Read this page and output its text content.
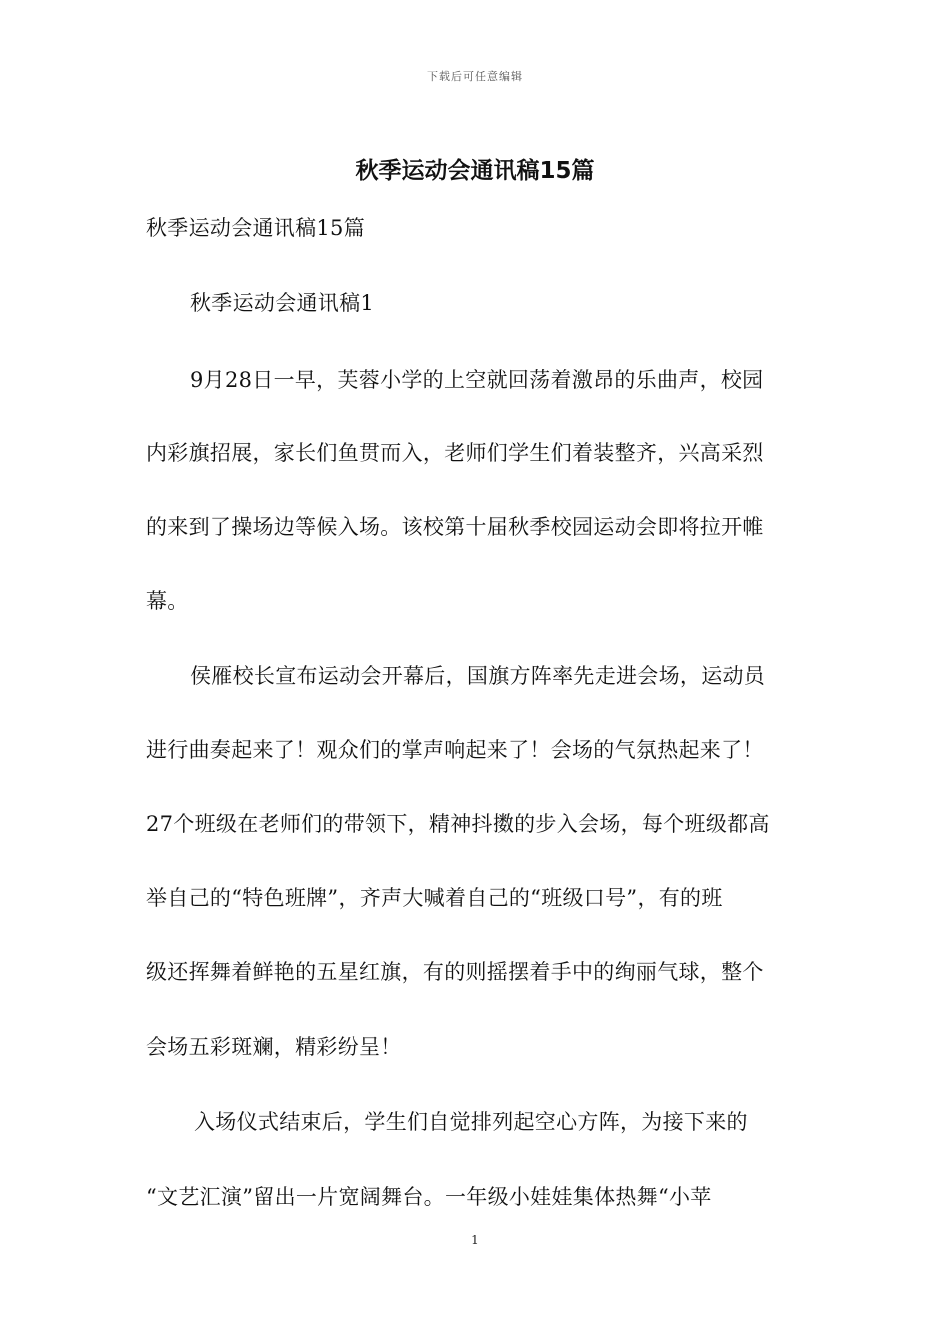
下载后可任意编辑
秋季运动会通讯稿15篇
秋季运动会通讯稿15篇
秋季运动会通讯稿1
9月28日一早，芙蓉小学的上空就回荡着激昂的乐曲声，校园
内彩旗招展，家长们鱼贯而入，老师们学生们着装整齐，兴高采烈
的来到了操场边等候入场。该校第十届秋季校园运动会即将拉开帷
幕。
侯雁校长宣布运动会开幕后，国旗方阵率先走进会场，运动员
进行曲奏起来了！观众们的掌声响起来了！会场的气氛热起来了！
27个班级在老师们的带领下，精神抖擞的步入会场，每个班级都高
举自己的“特色班牌”，齐声大喊着自己的“班级口号”，有的班
级还挥舞着鲜艳的五星红旗，有的则摇摆着手中的绚丽气球，整个
会场五彩斑斓，精彩纷呈！
入场仪式结束后，学生们自觉排列起空心方阵，为接下来的
“文艺汇演”留出一片宽阔舞台。一年级小娃娃集体热舞“小苹
1
